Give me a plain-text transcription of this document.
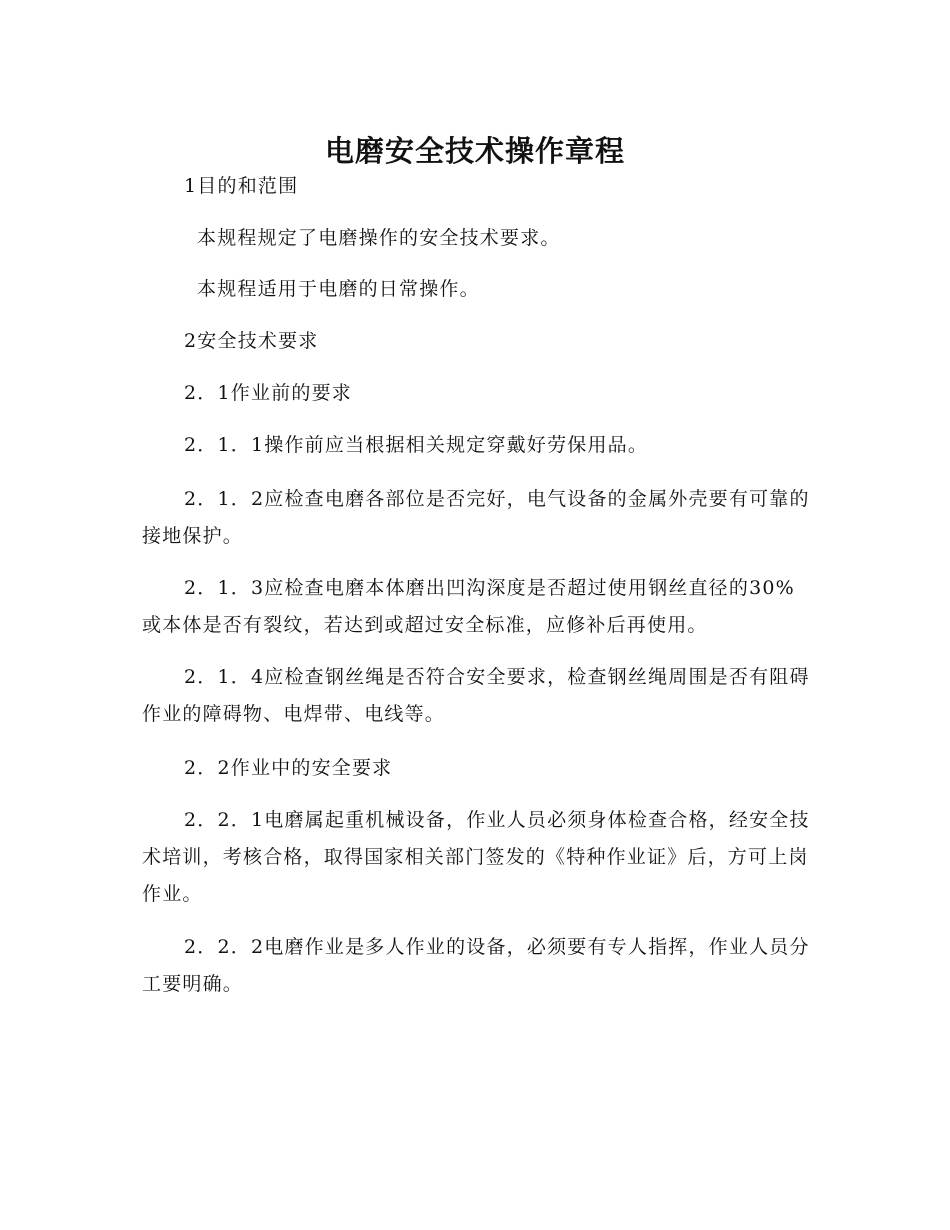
电磨安全技术操作章程

1目的和范围

本规程规定了电磨操作的安全技术要求。

本规程适用于电磨的日常操作。

2安全技术要求

2．1作业前的要求

2．1．1操作前应当根据相关规定穿戴好劳保用品。

2．1．2应检查电磨各部位是否完好，电气设备的金属外壳要有可靠的接地保护。

2．1．3应检查电磨本体磨出凹沟深度是否超过使用钢丝直径的30%或本体是否有裂纹，若达到或超过安全标准，应修补后再使用。

2．1．4应检查钢丝绳是否符合安全要求，检查钢丝绳周围是否有阻碍作业的障碍物、电焊带、电线等。

2．2作业中的安全要求

2．2．1电磨属起重机械设备，作业人员必须身体检查合格，经安全技术培训，考核合格，取得国家相关部门签发的《特种作业证》后，方可上岗作业。

2．2．2电磨作业是多人作业的设备，必须要有专人指挥，作业人员分工要明确。
